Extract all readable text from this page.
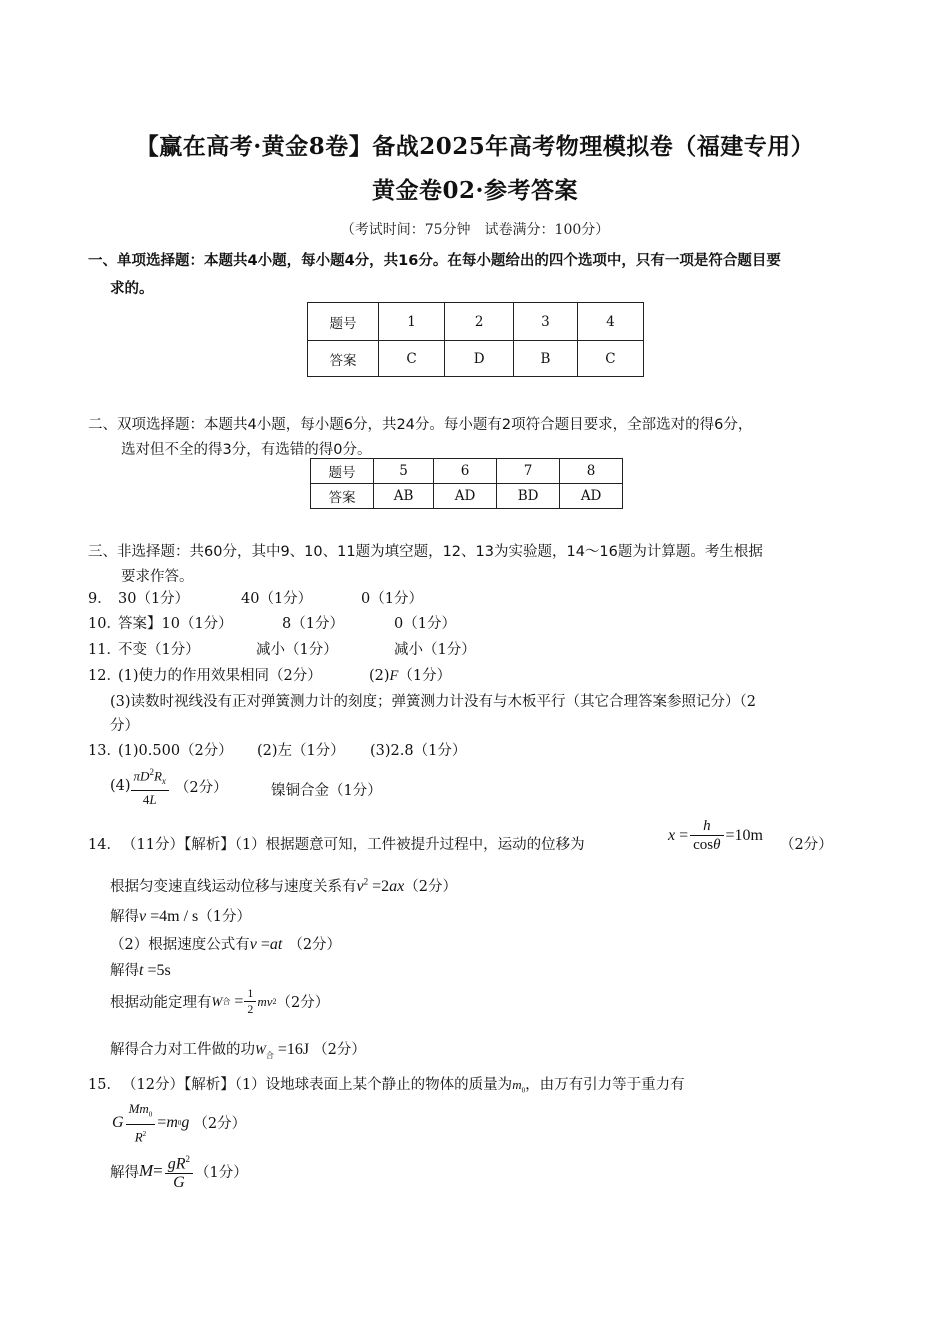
【赢在高考·黄金8卷】备战2025年高考物理模拟卷（福建专用）
黄金卷02·参考答案
（考试时间：75分钟　试卷满分：100分）
一、单项选择题：本题共4小题，每小题4分，共16分。在每小题给出的四个选项中，只有一项是符合题目要
求的。
题号	1	2	3	4
答案	C	D	B	C
二、双项选择题：本题共4小题，每小题6分，共24分。每小题有2项符合题目要求，全部选对的得6分，
选对但不全的得3分，有选错的得0分。
题号	5	6	7	8
答案	AB	AD	BD	AD
三、非选择题：共60分，其中9、10、11题为填空题，12、13为实验题，14～16题为计算题。考生根据
要求作答。
9． 30（1分）	40（1分）	0（1分）
10．
答案】10（1分）	8（1分）	0（1分）
11．
不变（1分）	减小（1分）	减小（1分）
12．
(1)使力的作用效果相同（2分）	(2)F（1分）
(3)读数时视线没有正对弹簧测力计的刻度；弹簧测力计没有与木板平行（其它合理答案参照记分）（2
分）
13．
(1)0.500（2分） (2)左（1分） (3)2.8（1分）
$(4) \frac{\pi D^2R_x}{4L} (2$分）	镍铜合金（1分）
14． （11分）【解析】（1）根据题意可知，工件被提升过程中，运动的位移为
$x = \frac{h}{\cos\theta} =10m$
（2分）
根据匀变速直线运动位移与速度关系有$v^2 =2ax(2$分）
解得v =4m / s（1分）
（2）根据速度公式有v =at （2分）
解得t =5s
根据动能定理有 W 合 = $\frac{1}{2}$ mv 2 （2分）
解得合力对工件做的功$W_合 =16J$ （2分）
15． （12分）【解析】（1）设地球表面上某个静止的物体的质量为$m_0$，由万有引力等于重力有
G $\frac{Mm_0}{R^2} = m$ 0 g （2分）
解得 $M = \frac{gR^2}{G} (1$分）
